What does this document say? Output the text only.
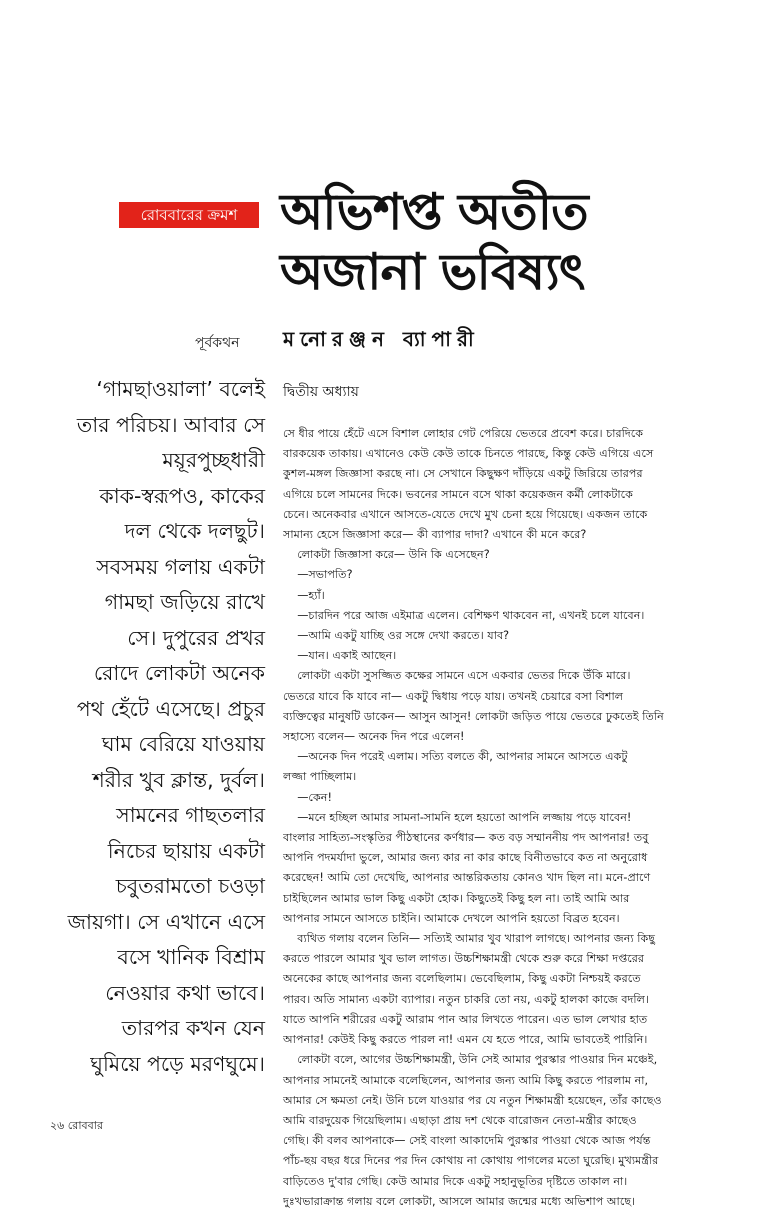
রোববারের ক্রমশ অভিশপ্ত অতীত
অজানা ভবিষ্যৎ
পূর্বকথন মনোরঞ্জন ব্যাপারী
‘গামছাওয়ালা’ বলেই
তার পরিচয়। আবার সে
ময়ূরপুচ্ছধারী
কাক-স্বরূপও, কাকের
দল থেকে দলছুট।
সবসময় গলায় একটা
গামছা জড়িয়ে রাখে
সে। দুপুরের প্রখর
রোদে লোকটা অনেক
পথ হেঁটে এসেছে। প্রচুর
ঘাম বেরিয়ে যাওয়ায়
শরীর খুব ক্লান্ত, দুর্বল।
সামনের গাছতলার
নিচের ছায়ায় একটা
চবুতরামতো চওড়া
জায়গা। সে এখানে এসে
বসে খানিক বিশ্রাম
নেওয়ার কথা ভাবে।
তারপর কখন যেন
ঘুমিয়ে পড়ে মরণঘুমে।
দ্বিতীয় অধ্যায়
সে ধীর পায়ে হেঁটে এসে বিশাল লোহার গেট পেরিয়ে ভেতরে প্রবেশ করে। চারদিকে
বারকয়েক তাকায়। এখানেও কেউ কেউ তাকে চিনতে পারছে, কিন্তু কেউ এগিয়ে এসে
কুশল-মঙ্গল জিজ্ঞাসা করছে না। সে সেখানে কিছুক্ষণ দাঁড়িয়ে একটু জিরিয়ে তারপর
এগিয়ে চলে সামনের দিকে। ভবনের সামনে বসে থাকা কয়েকজন কর্মী লোকটাকে
চেনে। অনেকবার এখানে আসতে-যেতে দেখে মুখ চেনা হয়ে গিয়েছে। একজন তাকে
সামান্য হেসে জিজ্ঞাসা করে— কী ব্যাপার দাদা? এখানে কী মনে করে?
লোকটা জিজ্ঞাসা করে— উনি কি এসেছেন?
—সভাপতি?
—হ্যাঁ।
—চারদিন পরে আজ এইমাত্র এলেন। বেশিক্ষণ থাকবেন না, এখনই চলে যাবেন।
—আমি একটু যাচ্ছি ওর সঙ্গে দেখা করতে। যাব?
—যান। একাই আছেন।
লোকটা একটা সুসজ্জিত কক্ষের সামনে এসে একবার ভেতর দিকে উঁকি মারে।
ভেতরে যাবে কি যাবে না— একটু দ্বিধায় পড়ে যায়। তখনই চেয়ারে বসা বিশাল
ব্যক্তিত্বের মানুষটি ডাকেন— আসুন আসুন! লোকটা জড়িত পায়ে ভেতরে ঢুকতেই তিনি
সহাস্যে বলেন— অনেক দিন পরে এলেন!
—অনেক দিন পরেই এলাম। সত্যি বলতে কী, আপনার সামনে আসতে একটু
লজ্জা পাচ্ছিলাম।
—কেন!
—মনে হচ্ছিল আমার সামনা-সামনি হলে হয়তো আপনি লজ্জায় পড়ে যাবেন!
বাংলার সাহিত্য-সংস্কৃতির পীঠস্থানের কর্ণধার— কত বড় সম্মাননীয় পদ আপনার! তবু
আপনি পদমর্যাদা ভুলে, আমার জন্য কার না কার কাছে বিনীতভাবে কত না অনুরোধ
করেছেন! আমি তো দেখেছি, আপনার আন্তরিকতায় কোনও খাদ ছিল না। মনে-প্রাণে
চাইছিলেন আমার ভাল কিছু একটা হোক। কিছুতেই কিছু হল না। তাই আমি আর
আপনার সামনে আসতে চাইনি। আমাকে দেখলে আপনি হয়তো বিব্রত হবেন।
ব্যথিত গলায় বলেন তিনি— সত্যিই আমার খুব খারাপ লাগছে। আপনার জন্য কিছু
করতে পারলে আমার খুব ভাল লাগত। উচ্চশিক্ষামন্ত্রী থেকে শুরু করে শিক্ষা দপ্তরের
অনেকের কাছে আপনার জন্য বলেছিলাম। ভেবেছিলাম, কিছু একটা নিশ্চয়ই করতে
পারব। অতি সামান্য একটা ব্যাপার। নতুন চাকরি তো নয়, একটু হালকা কাজে বদলি।
যাতে আপনি শরীরের একটু আরাম পান আর লিখতে পারেন। এত ভাল লেখার হাত
আপনার! কেউই কিছু করতে পারল না! এমন যে হতে পারে, আমি ভাবতেই পারিনি।
লোকটা বলে, আগের উচ্চশিক্ষামন্ত্রী, উনি সেই আমার পুরস্কার পাওয়ার দিন মঞ্চেই,
আপনার সামনেই আমাকে বলেছিলেন, আপনার জন্য আমি কিছু করতে পারলাম না,
আমার সে ক্ষমতা নেই। উনি চলে যাওয়ার পর যে নতুন শিক্ষামন্ত্রী হয়েছেন, তাঁর কাছেও
আমি বারদুয়েক গিয়েছিলাম। এছাড়া প্রায় দশ থেকে বারোজন নেতা-মন্ত্রীর কাছেও
গেছি। কী বলব আপনাকে— সেই বাংলা আকাদেমি পুরস্কার পাওয়া থেকে আজ পর্যন্ত
পাঁচ-ছয় বছর ধরে দিনের পর দিন কোথায় না কোথায় পাগলের মতো ঘুরেছি। মুখ্যমন্ত্রীর
বাড়িতেও দু'বার গেছি। কেউ আমার দিকে একটু সহানুভূতির দৃষ্টিতে তাকাল না।
দুঃখভারাক্রান্ত গলায় বলে লোকটা, আসলে আমার জন্মের মধ্যে অভিশাপ আছে।
২৬ রোববার
